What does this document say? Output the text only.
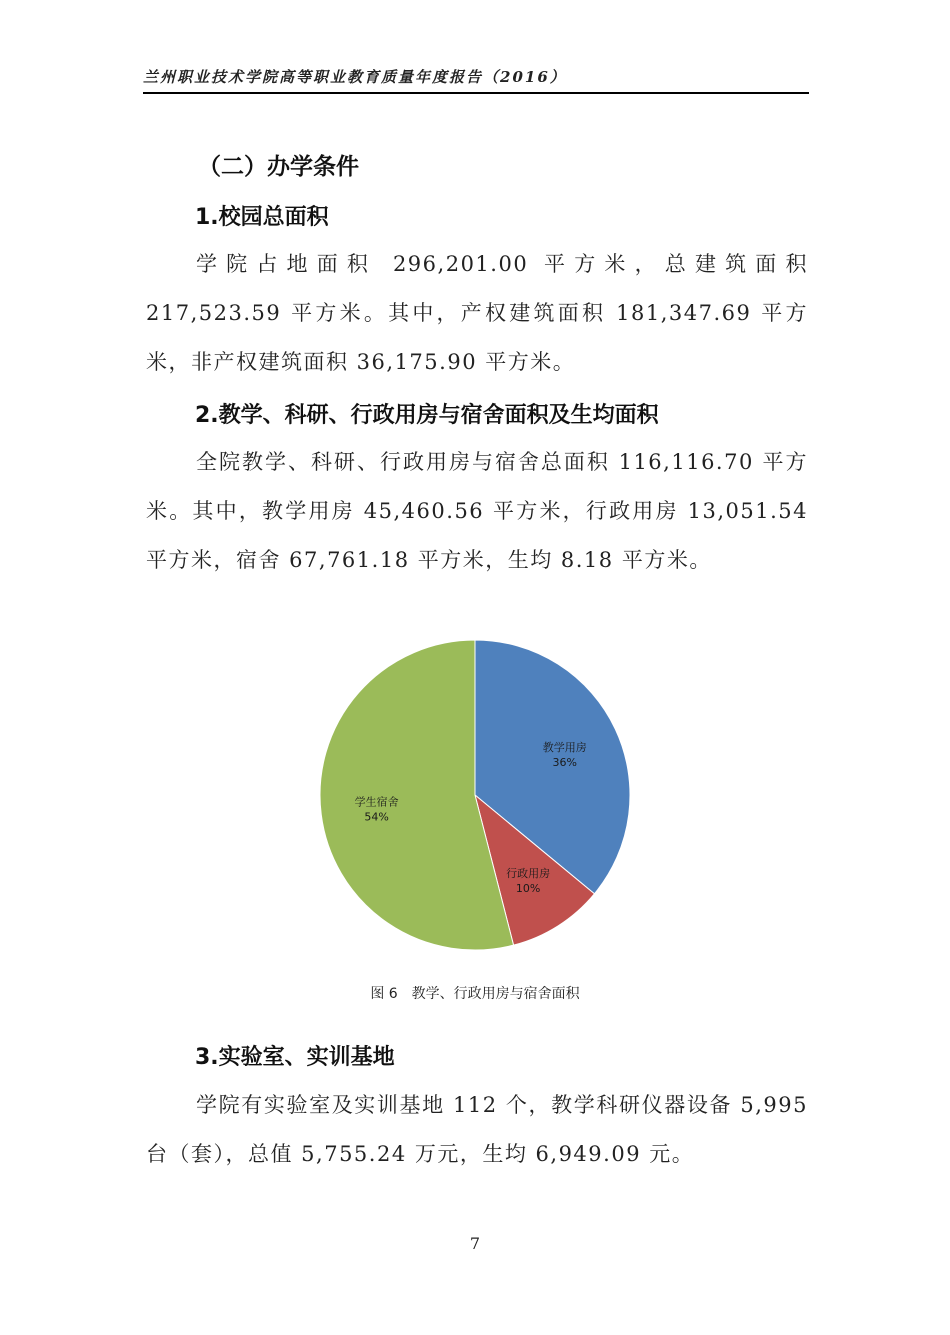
兰州职业技术学院高等职业教育质量年度报告（2016）
（二）办学条件
1.校园总面积
学院占地面积 296,201.00 平方米，总建筑面积 217,523.59 平方米。其中，产权建筑面积 181,347.69 平方米，非产权建筑面积 36,175.90 平方米。
2.教学、科研、行政用房与宿舍面积及生均面积
全院教学、科研、行政用房与宿舍总面积 116,116.70 平方米。其中，教学用房 45,460.56 平方米，行政用房 13,051.54 平方米，宿舍 67,761.18 平方米，生均 8.18 平方米。
教学用房
36%
行政用房
10%
学生宿舍
54%
图 6　教学、行政用房与宿舍面积
3.实验室、实训基地
学院有实验室及实训基地 112 个，教学科研仪器设备 5,995 台（套），总值 5,755.24 万元，生均 6,949.09 元。
7
